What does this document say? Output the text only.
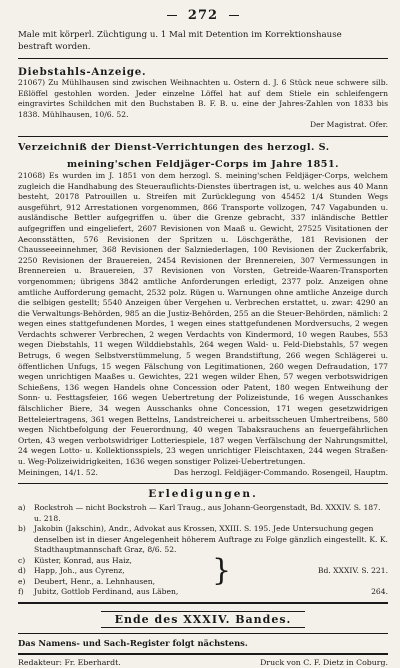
272

Male mit körperl. Züchtigung u. 1 Mal mit Detention im Korrektionshause

bestraft worden.

Diebstahls-Anzeige.

21067) Zu Mühlhausen sind zwischen Weihnachten u. Ostern d. J. 6 Stück neue schwere silb. Eßlöffel gestohlen worden. Jeder einzelne Löffel hat auf dem Stiele ein schleifengern eingravirtes Schildchen mit den Buchstaben B. F. B. u. eine der Jahres-Zahlen von 1833 bis 1838. Mühlhausen, 10/6. 52.

Der Magistrat. Ofer.

Verzeichniß der Dienst-Verrichtungen des herzogl. S.

meining'schen Feldjäger-Corps im Jahre 1851.

21068) Es wurden im J. 1851 von dem herzogl. S. meining'schen Feldjäger-Corps, welchem zugleich die Handhabung des Steuerauflichts-Dienstes übertragen ist, u. welches aus 40 Mann besteht, 20178 Patrouillen u. Streifen mit Zurücklegung von 45452 1/4 Stunden Wegs ausgeführt, 912 Arrestationen vorgenommen, 866 Transporte vollzogen, 747 Vagabunden u. ausländische Bettler aufgegriffen u. über die Grenze gebracht, 337 inländische Bettler aufgegriffen und eingeliefert, 2607 Revisionen von Maaß u. Gewicht, 27525 Visitationen der Aeconsstätten, 576 Revisionen der Spritzen u. Löschgeräthe, 181 Revisionen der Chausseeeinnehmer, 368 Revisionen der Salzniederlagen, 100 Revisionen der Zuckerfabrik, 2250 Revisionen der Brauereien, 2454 Revisionen der Brennereien, 307 Vermessungen in Brennereien u. Brauereien, 37 Revisionen von Vorsten, Getreide-Waaren-Transporten vorgenommen; übrigens 3842 amtliche Anforderungen erledigt, 2377 polz. Anzeigen ohne amtliche Aufforderung gemacht, 2532 polz. Rügen u. Warnungen ohne amtliche Anzeige durch die selbigen gestellt; 5540 Anzeigen über Vergehen u. Verbrechen erstattet, u. zwar: 4290 an die Verwaltungs-Behörden, 985 an die Justiz-Behörden, 255 an die Steuer-Behörden, nämlich: 2 wegen eines stattgefundenen Mordes, 1 wegen eines stattgefundenen Mordversuchs, 2 wegen Verdachts schwerer Verbrechen, 2 wegen Verdachts von Kindermord, 10 wegen Raubes, 553 wegen Diebstahls, 11 wegen Wilddiebstahls, 264 wegen Wald- u. Feld-Diebstahls, 57 wegen Betrugs, 6 wegen Selbstverstümmelung, 5 wegen Brandstiftung, 266 wegen Schlägerei u. öffentlichen Unfugs, 15 wegen Fälschung von Legitimationen, 260 wegen Defraudation, 177 wegen unrichtigen Maaßes u. Gewichtes, 221 wegen wilder Ehen, 57 wegen verbotswidrigen Schießens, 136 wegen Handels ohne Concession oder Patent, 180 wegen Entweihung der Sonn- u. Festtagsfeier, 166 wegen Uebertretung der Polizeistunde, 16 wegen Ausschankes fälschlicher Biere, 34 wegen Ausschanks ohne Concession, 171 wegen gesetzwidrigen Betteleiertragens, 361 wegen Bettelns, Landstreicherei u. arbeitsscheuen Umhertreibens, 580 wegen Nichtbefolgung der Feuerordnung, 40 wegen Tabaksrauchens an feuergefährlichen Orten, 43 wegen verbotswidriger Lotteriespiele, 187 wegen Verfälschung der Nahrungsmittel, 24 wegen Lotto- u. Kollektionsspiels, 23 wegen unrichtiger Fleischtaxen, 244 wegen Straßen- u. Weg-Polizeiwidrigkeiten, 1636 wegen sonstiger Polizei-Uebertretungen.

Meiningen, 14/1. 52.	Das herzogl. Feldjäger-Commando. Rosengeil, Hauptm.

Erledigungen.

a) Rockstroh — nicht Bockstroh — Karl Traug., aus Johann-Georgenstadt, Bd. XXXIV. S. 187. u. 218.
b) Jakobin (Jakschin), Andr., Advokat aus Krossen, XXIII. S. 195. Jede Untersuchung gegen denselben ist in dieser Angelegenheit höherem Auftrage zu Folge gänzlich eingestellt. K. K. Stadthauptmannschaft Graz, 8/6. 52.
c) Küster, Konrad, aus Haiz,
d) Happ, Joh., aus Cyrenz,
e) Deubert, Henr., a. Lehnhausen,	}	Bd. XXXIV. S. 221.
f) Jubitz, Gottlob Ferdinand, aus Läben,	264.
Ende des XXXIV. Bandes.

Das Namens- und Sach-Register folgt nächstens.

Redakteur: Fr. Eberhardt.	Druck von C. F. Dietz in Coburg.
